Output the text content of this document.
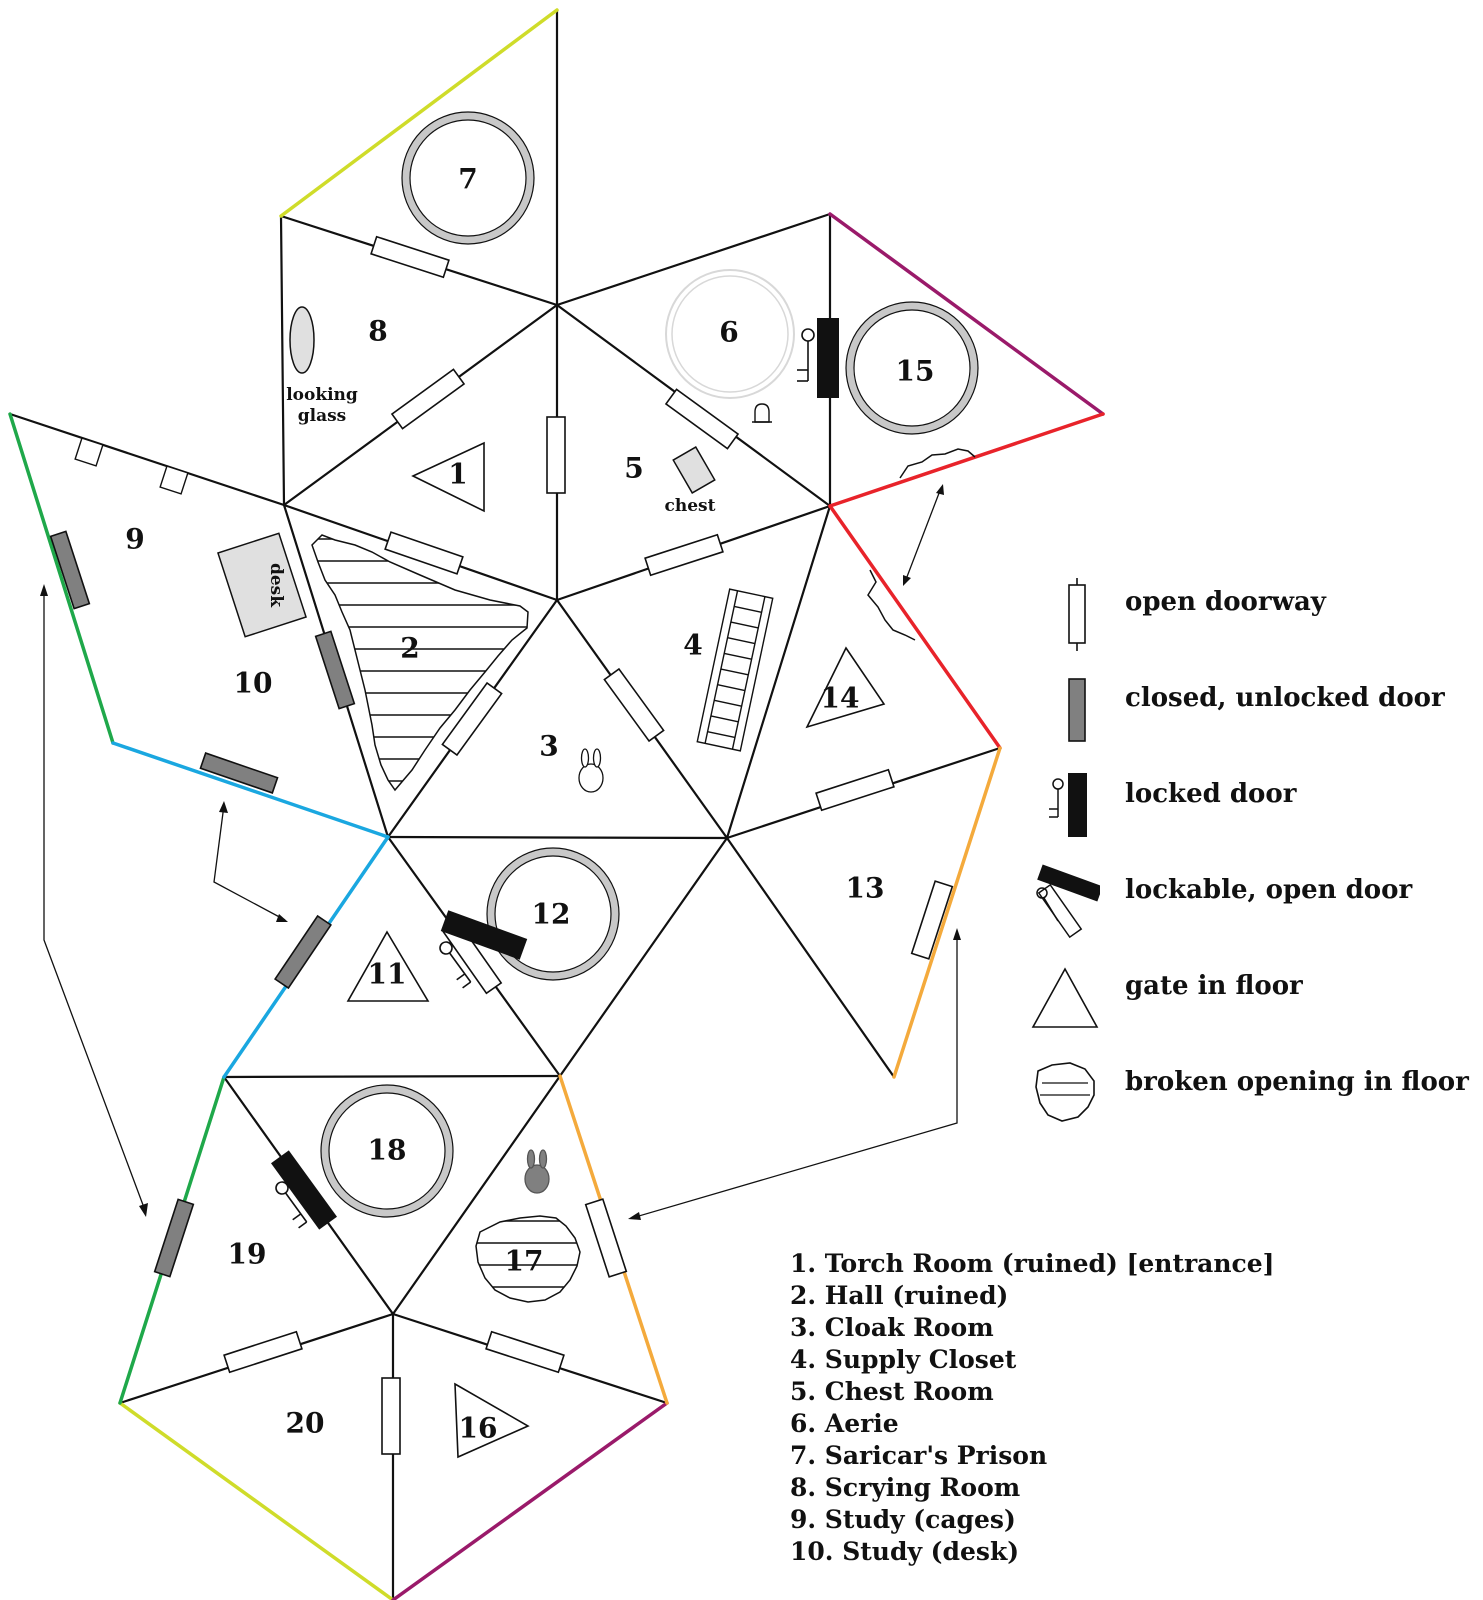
desk
chest
looking
glass
1
2
3
4
5
6
7
8
9
10
11
12
13
14
15
16
17
18
19
20
open doorway
closed, unlocked door
locked door
lockable, open door
gate in floor
broken opening in floor
1. Torch Room (ruined) [entrance]
2. Hall (ruined)
3. Cloak Room
4. Supply Closet
5. Chest Room
6. Aerie
7. Saricar's Prison
8. Scrying Room
9. Study (cages)
10. Study (desk)
